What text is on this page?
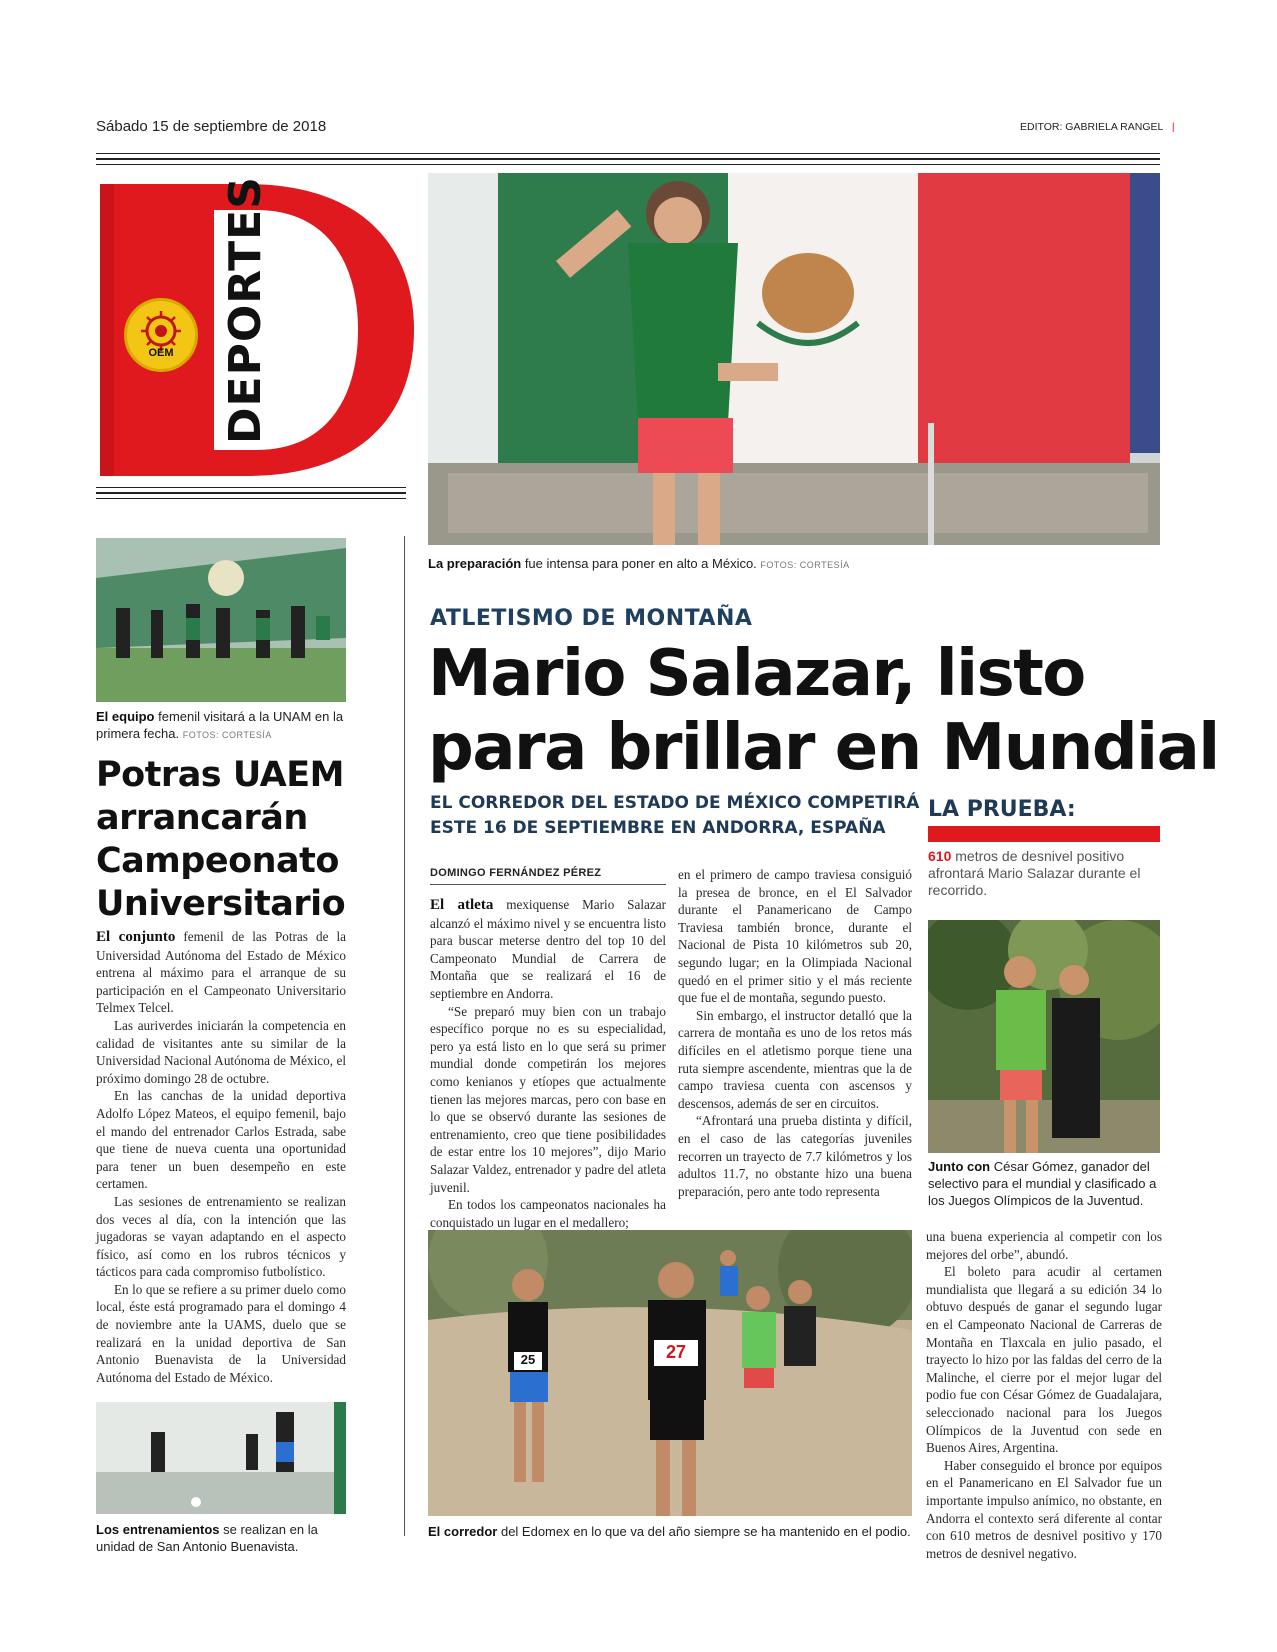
Sábado 15 de septiembre de 2018	EDITOR: GABRIELA RANGEL |
OEM	DEPORTES
La preparación fue intensa para poner en alto a México. FOTOS: CORTESÍA
ATLETISMO DE MONTAÑA
Mario Salazar, listo
para brillar en Mundial
EL CORREDOR DEL ESTADO DE MÉXICO COMPETIRÁ
ESTE 16 DE SEPTIEMBRE EN ANDORRA, ESPAÑA
DOMINGO FERNÁNDEZ PÉREZ

El atleta mexiquense Mario Salazar alcanzó el máximo nivel y se encuentra listo para buscar meterse dentro del top 10 del Campeonato Mundial de Carrera de Montaña que se realizará el 16 de septiembre en Andorra.

“Se preparó muy bien con un trabajo específico porque no es su especialidad, pero ya está listo en lo que será su primer mundial donde competirán los mejores como kenianos y etíopes que actualmente tienen las mejores marcas, pero con base en lo que se observó durante las sesiones de entrenamiento, creo que tiene posibilidades de estar entre los 10 mejores”, dijo Mario Salazar Valdez, entrenador y padre del atleta juvenil.

En todos los campeonatos nacionales ha conquistado un lugar en el medallero;

en el primero de campo traviesa consiguió la presea de bronce, en el El Salvador durante el Panamericano de Campo Traviesa también bronce, durante el Nacional de Pista 10 kilómetros sub 20, segundo lugar; en la Olimpiada Nacional quedó en el primer sitio y el más reciente que fue el de montaña, segundo puesto.

Sin embargo, el instructor detalló que la carrera de montaña es uno de los retos más difíciles en el atletismo porque tiene una ruta siempre ascendente, mientras que la de campo traviesa cuenta con ascensos y descensos, además de ser en circuitos.

“Afrontará una prueba distinta y difícil, en el caso de las categorías juveniles recorren un trayecto de 7.7 kilómetros y los adultos 11.7, no obstante hizo una buena preparación, pero ante todo representa

LA PRUEBA:
610 metros de desnivel positivo afrontará Mario Salazar durante el recorrido.
Junto con César Gómez, ganador del selectivo para el mundial y clasificado a los Juegos Olímpicos de la Juventud.
25	27
El corredor del Edomex en lo que va del año siempre se ha mantenido en el podio.

una buena experiencia al competir con los mejores del orbe”, abundó.

El boleto para acudir al certamen mundialista que llegará a su edición 34 lo obtuvo después de ganar el segundo lugar en el Campeonato Nacional de Carreras de Montaña en Tlaxcala en julio pasado, el trayecto lo hizo por las faldas del cerro de la Malinche, el cierre por el mejor lugar del podio fue con César Gómez de Guadalajara, seleccionado nacional para los Juegos Olímpicos de la Juventud con sede en Buenos Aires, Argentina.

Haber conseguido el bronce por equipos en el Panamericano en El Salvador fue un importante impulso anímico, no obstante, en Andorra el contexto será diferente al contar con 610 metros de desnivel positivo y 170 metros de desnivel negativo.

El equipo femenil visitará a la UNAM en la primera fecha. FOTOS: CORTESÍA
Potras UAEM
arrancarán
Campeonato
Universitario

El conjunto femenil de las Potras de la Universidad Autónoma del Estado de México entrena al máximo para el arranque de su participación en el Campeonato Universitario Telmex Telcel.

Las auriverdes iniciarán la competencia en calidad de visitantes ante su similar de la Universidad Nacional Autónoma de México, el próximo domingo 28 de octubre.

En las canchas de la unidad deportiva Adolfo López Mateos, el equipo femenil, bajo el mando del entrenador Carlos Estrada, sabe que tiene de nueva cuenta una oportunidad para tener un buen desempeño en este certamen.

Las sesiones de entrenamiento se realizan dos veces al día, con la intención que las jugadoras se vayan adaptando en el aspecto físico, así como en los rubros técnicos y tácticos para cada compromiso futbolístico.

En lo que se refiere a su primer duelo como local, éste está programado para el domingo 4 de noviembre ante la UAMS, duelo que se realizará en la unidad deportiva de San Antonio Buenavista de la Universidad Autónoma del Estado de México.

Los entrenamientos se realizan en la unidad de San Antonio Buenavista.
